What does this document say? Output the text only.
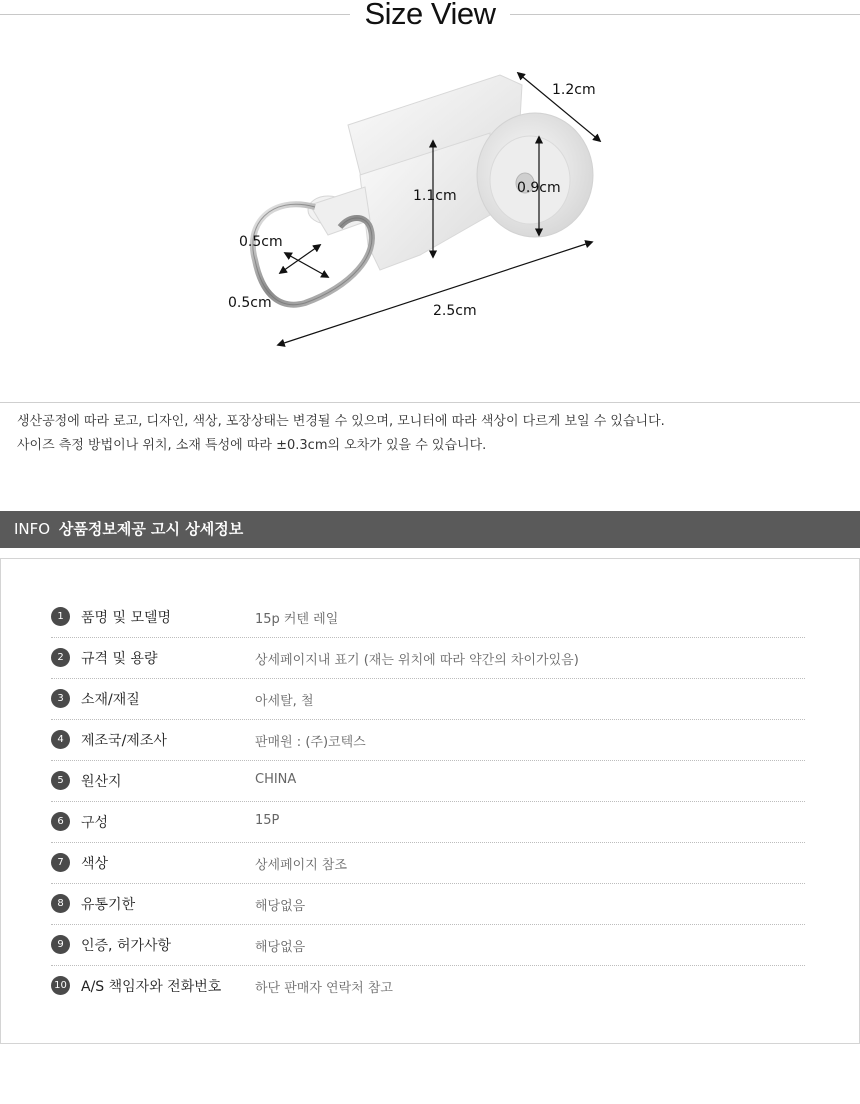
Size View
1.2cm
1.1cm	0.9cm
0.5cm
0.5cm	2.5cm

생산공정에 따라 로고, 디자인, 색상, 포장상태는 변경될 수 있으며, 모니터에 따라 색상이 다르게 보일 수 있습니다.

사이즈 측정 방법이나 위치, 소재 특성에 따라 ±0.3cm의 오차가 있을 수 있습니다.

INFO 상품정보제공 고시 상세정보
1	품명 및 모델명	15p 커텐 레일
2	규격 및 용량	상세페이지내 표기 (재는 위치에 따라 약간의 차이가있음)
3	소재/재질	아세탈, 철
4	제조국/제조사	판매원 : (주)코텍스
5	원산지	CHINA
6	구성	15P
7	색상	상세페이지 참조
8	유통기한	해당없음
9	인증, 허가사항	해당없음
10 A/S 책임자와 전화번호	하단 판매자 연락처 참고
